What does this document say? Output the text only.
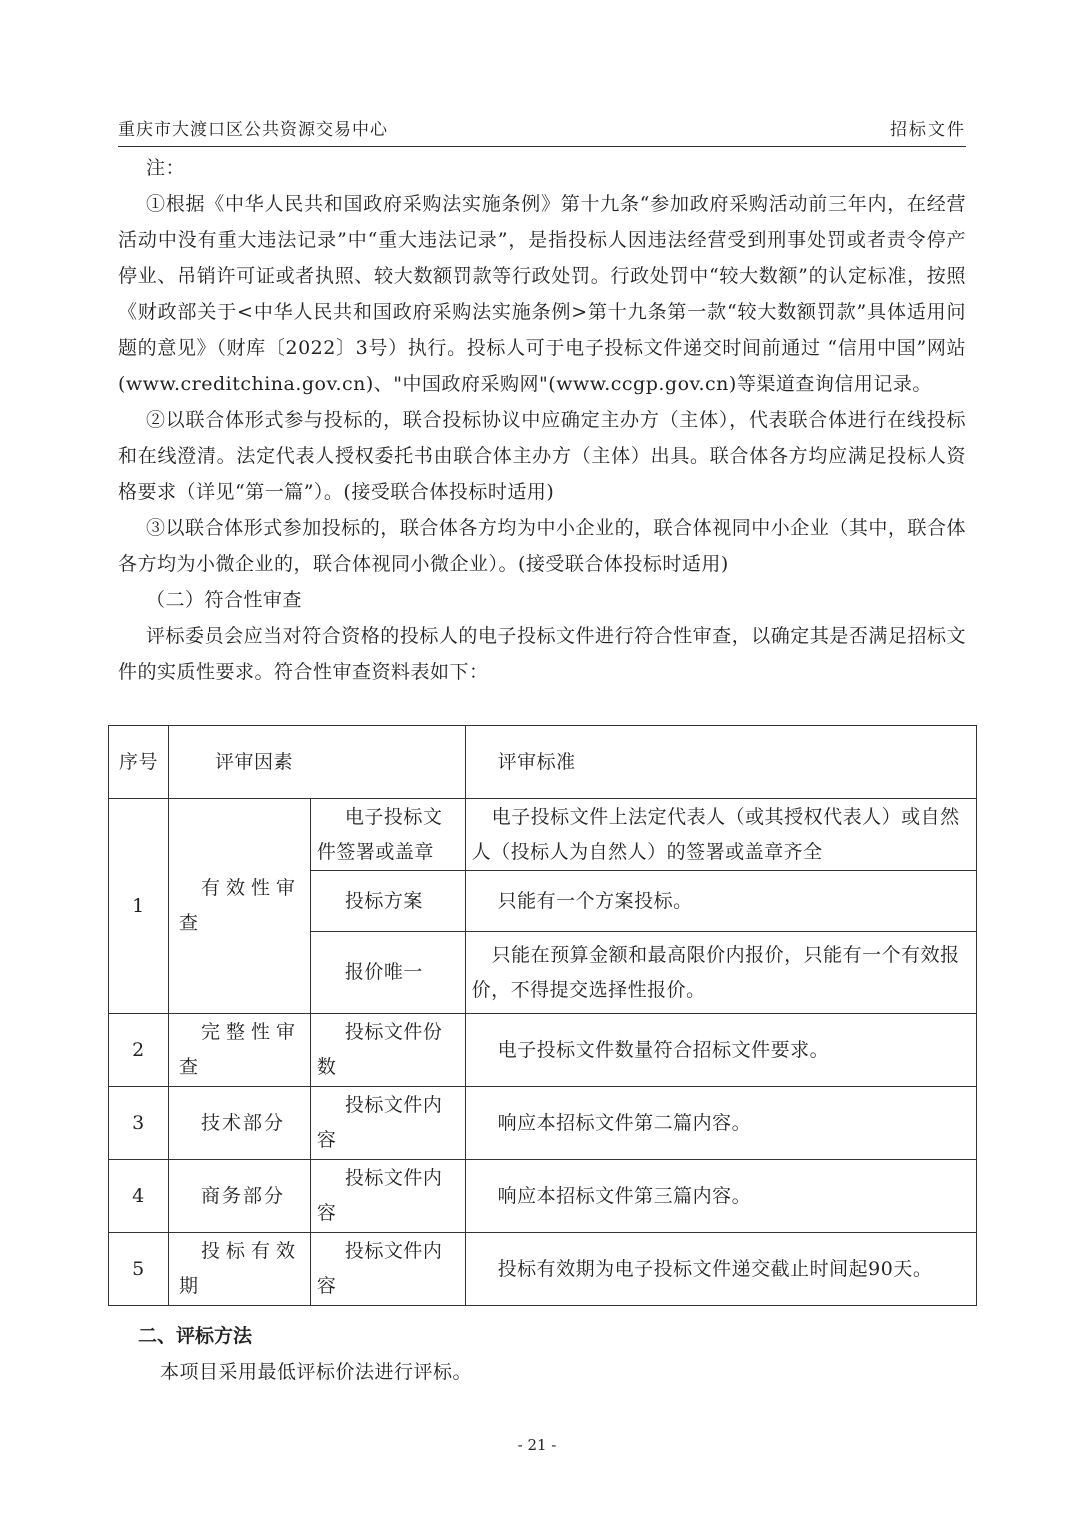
重庆市大渡口区公共资源交易中心	招标文件

注：

①根据《中华人民共和国政府采购法实施条例》第十九条“参加政府采购活动前三年内，在经营活动中没有重大违法记录”中“重大违法记录”，是指投标人因违法经营受到刑事处罚或者责令停产停业、吊销许可证或者执照、较大数额罚款等行政处罚。行政处罚中“较大数额”的认定标准，按照《财政部关于<中华人民共和国政府采购法实施条例>第十九条第一款“较大数额罚款”具体适用问题的意见》（财库〔2022〕3号）执行。投标人可于电子投标文件递交时间前通过 “信用中国”网站(www.creditchina.gov.cn)、"中国政府采购网"(www.ccgp.gov.cn)等渠道查询信用记录。

②以联合体形式参与投标的，联合投标协议中应确定主办方（主体），代表联合体进行在线投标和在线澄清。法定代表人授权委托书由联合体主办方（主体）出具。联合体各方均应满足投标人资格要求（详见“第一篇”）。(接受联合体投标时适用)

③以联合体形式参加投标的，联合体各方均为中小企业的，联合体视同中小企业（其中，联合体各方均为小微企业的，联合体视同小微企业）。(接受联合体投标时适用)

（二）符合性审查

评标委员会应当对符合资格的投标人的电子投标文件进行符合性审查，以确定其是否满足招标文件的实质性要求。符合性审查资料表如下：

序号	评审因素		评审标准
1	有效性审查	电子投标文件签署或盖章	电子投标文件上法定代表人（或其授权代表人）或自然人（投标人为自然人）的签署或盖章齐全
		投标方案	只能有一个方案投标。
		报价唯一	只能在预算金额和最高限价内报价，只能有一个有效报价，不得提交选择性报价。
2	完整性审查	投标文件份数	电子投标文件数量符合招标文件要求。
3	技术部分	投标文件内容	响应本招标文件第二篇内容。
4	商务部分	投标文件内容	响应本招标文件第三篇内容。
5	投标有效期	投标文件内容	投标有效期为电子投标文件递交截止时间起90天。
二、评标方法
本项目采用最低评标价法进行评标。
- 21 -
